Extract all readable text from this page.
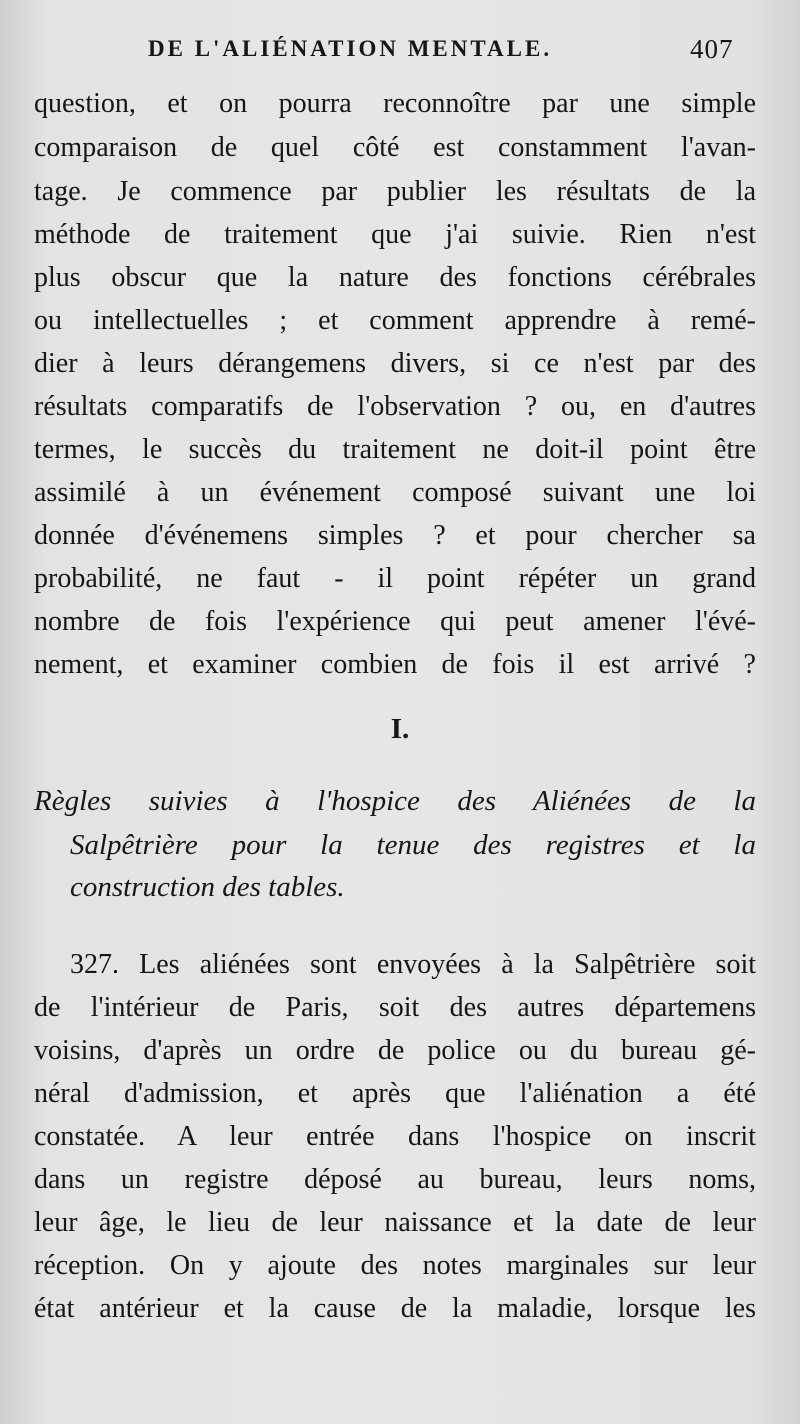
DE L'ALIÉNATION MENTALE.	407
question, et on pourra reconnoître par une simple
comparaison de quel côté est constamment l'avan-
tage. Je commence par publier les résultats de la
méthode de traitement que j'ai suivie. Rien n'est
plus obscur que la nature des fonctions cérébrales
ou intellectuelles ; et comment apprendre à remé-
dier à leurs dérangemens divers, si ce n'est par des
résultats comparatifs de l'observation ? ou, en d'autres
termes, le succès du traitement ne doit-il point être
assimilé à un événement composé suivant une loi
donnée d'événemens simples ? et pour chercher sa
probabilité, ne faut - il point répéter un grand
nombre de fois l'expérience qui peut amener l'évé-
nement, et examiner combien de fois il est arrivé ?
I.
Règles suivies à l'hospice des Aliénées de la
Salpêtrière pour la tenue des registres et la
construction des tables.
327. Les aliénées sont envoyées à la Salpêtrière soit
de l'intérieur de Paris, soit des autres départemens
voisins, d'après un ordre de police ou du bureau gé-
néral d'admission, et après que l'aliénation a été
constatée. A leur entrée dans l'hospice on inscrit
dans un registre déposé au bureau, leurs noms,
leur âge, le lieu de leur naissance et la date de leur
réception. On y ajoute des notes marginales sur leur
état antérieur et la cause de la maladie, lorsque les
